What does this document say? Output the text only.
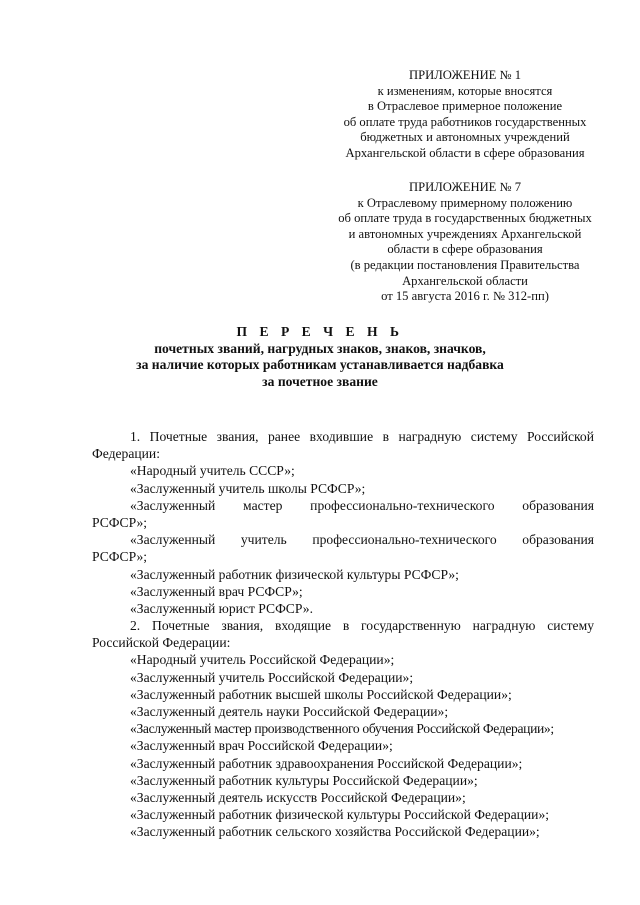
ПРИЛОЖЕНИЕ № 1
к изменениям, которые вносятся
в Отраслевое примерное положение
об оплате труда работников государственных
бюджетных и автономных учреждений
Архангельской области в сфере образования
ПРИЛОЖЕНИЕ № 7
к Отраслевому примерному положению
об оплате труда в государственных бюджетных
и автономных учреждениях Архангельской
области в сфере образования
(в редакции постановления Правительства
Архангельской области
от 15 августа 2016 г. № 312-пп)
П Е Р Е Ч Е Н Ь
почетных званий, нагрудных знаков, знаков, значков,
за наличие которых работникам устанавливается надбавка
за почетное звание
1. Почетные звания, ранее входившие в наградную систему Российской
Федерации:
«Народный учитель СССР»;
«Заслуженный учитель школы РСФСР»;
«Заслуженный мастер профессионально-технического образования
РСФСР»;
«Заслуженный учитель профессионально-технического образования
РСФСР»;
«Заслуженный работник физической культуры РСФСР»;
«Заслуженный врач РСФСР»;
«Заслуженный юрист РСФСР».
2. Почетные звания, входящие в государственную наградную систему
Российской Федерации:
«Народный учитель Российской Федерации»;
«Заслуженный учитель Российской Федерации»;
«Заслуженный работник высшей школы Российской Федерации»;
«Заслуженный деятель науки Российской Федерации»;
«Заслуженный мастер производственного обучения Российской Федерации»;
«Заслуженный врач Российской Федерации»;
«Заслуженный работник здравоохранения Российской Федерации»;
«Заслуженный работник культуры Российской Федерации»;
«Заслуженный деятель искусств Российской Федерации»;
«Заслуженный работник физической культуры Российской Федерации»;
«Заслуженный работник сельского хозяйства Российской Федерации»;
